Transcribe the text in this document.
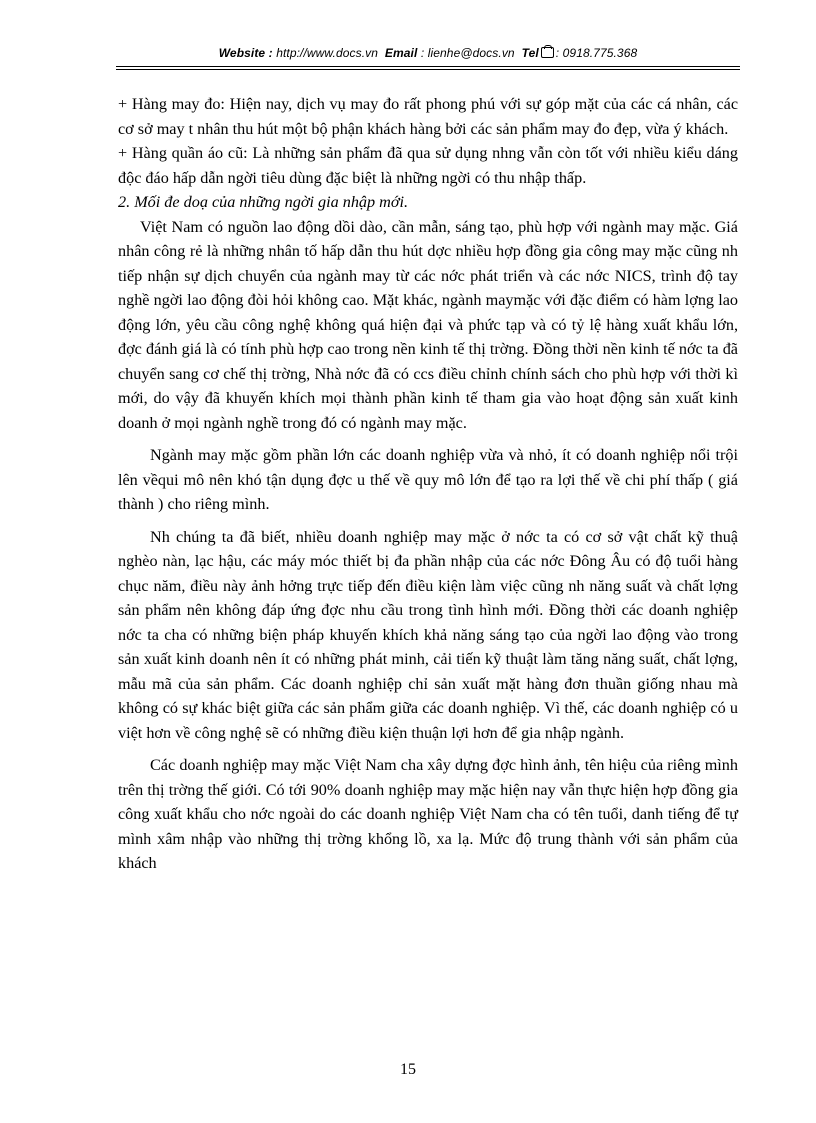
Website : http://www.docs.vn Email : lienhe@docs.vn Tel : 0918.775.368

+ Hàng may đo: Hiện nay, dịch vụ may đo rất phong phú với sự góp mặt của các cá nhân, các cơ sở may t nhân thu hút một bộ phận khách hàng bởi các sản phẩm may đo đẹp, vừa ý khách.

+ Hàng quần áo cũ: Là những sản phẩm đã qua sử dụng nhng vẫn còn tốt với nhiều kiểu dáng độc đáo hấp dẫn ngời tiêu dùng đặc biệt là những ngời có thu nhập thấp.

2. Mối đe doạ của những ngời gia nhập mới.

Việt Nam có nguồn lao động dồi dào, cần mẫn, sáng tạo, phù hợp với ngành may mặc. Giá nhân công rẻ là những nhân tố hấp dẫn thu hút dợc nhiều hợp đồng gia công may mặc cũng nh tiếp nhận sự dịch chuyển của ngành may từ các nớc phát triển và các nớc NICS, trình độ tay nghề ngời lao động đòi hỏi không cao. Mặt khác, ngành maymặc với đặc điểm có hàm lợng lao động lớn, yêu cầu công nghệ không quá hiện đại và phức tạp và có tỷ lệ hàng xuất khẩu lớn, đợc đánh giá là có tính phù hợp cao trong nền kinh tế thị trờng. Đồng thời nền kinh tế nớc ta đã chuyển sang cơ chế thị trờng, Nhà nớc đã có ccs điều chỉnh chính sách cho phù hợp với thời kì mới, do vậy đã khuyến khích mọi thành phần kinh tế tham gia vào hoạt động sản xuất kinh doanh ở mọi ngành nghề trong đó có ngành may mặc.

Ngành may mặc gồm phần lớn các doanh nghiệp vừa và nhỏ, ít có doanh nghiệp nổi trội lên vềqui mô nên khó tận dụng đợc u thế về quy mô lớn để tạo ra lợi thế về chi phí thấp ( giá thành ) cho riêng mình.

Nh chúng ta đã biết, nhiều doanh nghiệp may mặc ở nớc ta có cơ sở vật chất kỹ thuậ nghèo nàn, lạc hậu, các máy móc thiết bị đa phần nhập của các nớc Đông Âu có độ tuổi hàng chục năm, điều này ảnh hởng trực tiếp đến điều kiện làm việc cũng nh năng suất và chất lợng sản phẩm nên không đáp ứng đợc nhu cầu trong tình hình mới. Đồng thời các doanh nghiệp nớc ta cha có những biện pháp khuyến khích khả năng sáng tạo của ngời lao động vào trong sản xuất kinh doanh nên ít có những phát minh, cải tiến kỹ thuật làm tăng năng suất, chất lợng, mẫu mã của sản phẩm. Các doanh nghiệp chỉ sản xuất mặt hàng đơn thuần giống nhau mà không có sự khác biệt giữa các sản phẩm giữa các doanh nghiệp. Vì thế, các doanh nghiệp có u việt hơn về công nghệ sẽ có những điều kiện thuận lợi hơn để gia nhập ngành.

Các doanh nghiệp may mặc Việt Nam cha xây dựng đợc hình ảnh, tên hiệu của riêng mình trên thị trờng thế giới. Có tới 90% doanh nghiệp may mặc hiện nay vẫn thực hiện hợp đồng gia công xuất khẩu cho nớc ngoài do các doanh nghiệp Việt Nam cha có tên tuổi, danh tiếng để tự mình xâm nhập vào những thị trờng khổng lồ, xa lạ. Mức độ trung thành với sản phẩm của khách

15
